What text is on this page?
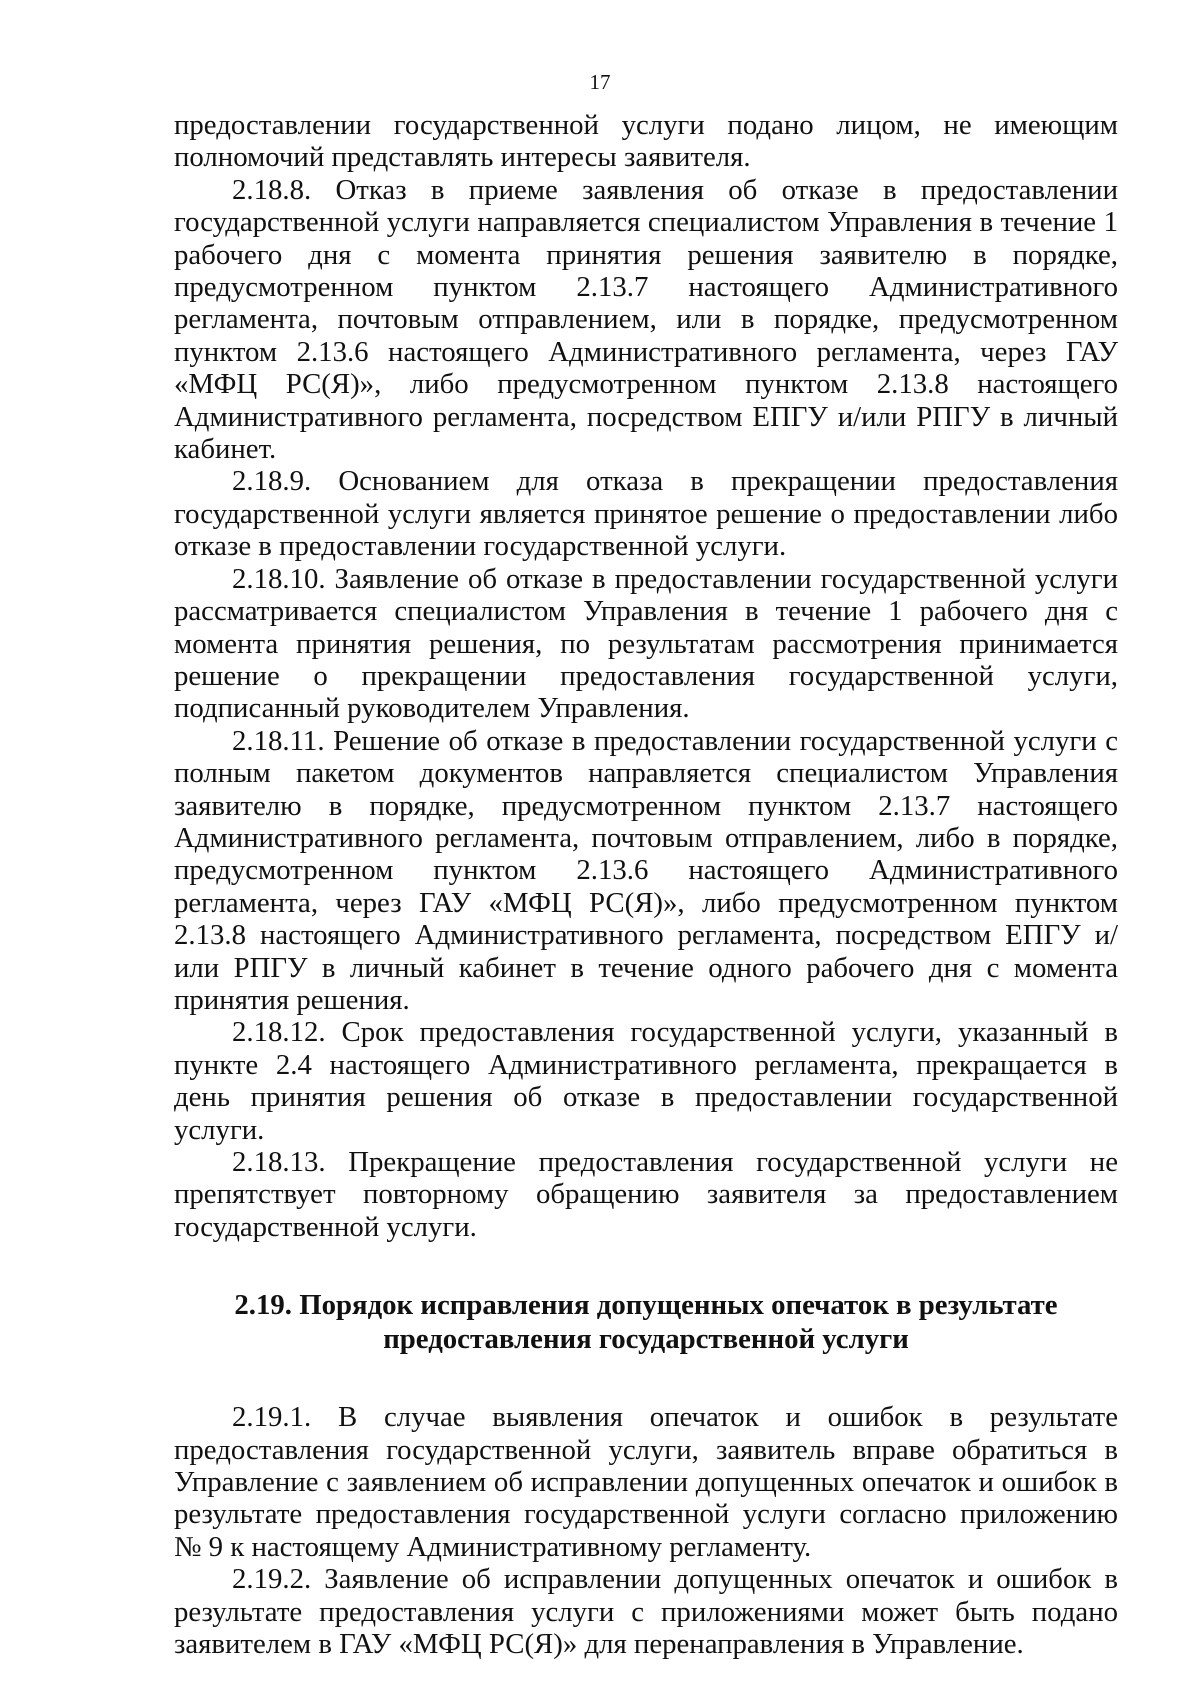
17

предоставлении государственной услуги подано лицом, не имеющим полномочий представлять интересы заявителя.

2.18.8. Отказ в приеме заявления об отказе в предоставлении государственной услуги направляется специалистом Управления в течение 1 рабочего дня с момента принятия решения заявителю в порядке, предусмотренном пунктом 2.13.7 настоящего Административного регламента, почтовым отправлением, или в порядке, предусмотренном пунктом 2.13.6 настоящего Административного регламента, через ГАУ «МФЦ РС(Я)», либо предусмотренном пунктом 2.13.8 настоящего Административного регламента, посредством ЕПГУ и/или РПГУ в личный кабинет.

2.18.9. Основанием для отказа в прекращении предоставления государственной услуги является принятое решение о предоставлении либо отказе в предоставлении государственной услуги.

2.18.10. Заявление об отказе в предоставлении государственной услуги рассматривается специалистом Управления в течение 1 рабочего дня с момента принятия решения, по результатам рассмотрения принимается решение о прекращении предоставления государственной услуги, подписанный руководителем Управления.

2.18.11. Решение об отказе в предоставлении государственной услуги с полным пакетом документов направляется специалистом Управления заявителю в порядке, предусмотренном пунктом 2.13.7 настоящего Административного регламента, почтовым отправлением, либо в порядке, предусмотренном пунктом 2.13.6 настоящего Административного регламента, через ГАУ «МФЦ РС(Я)», либо предусмотренном пунктом 2.13.8 настоящего Административного регламента, посредством ЕПГУ и/или РПГУ в личный кабинет в течение одного рабочего дня с момента принятия решения.

2.18.12. Срок предоставления государственной услуги, указанный в пункте 2.4 настоящего Административного регламента, прекращается в день принятия решения об отказе в предоставлении государственной услуги.

2.18.13. Прекращение предоставления государственной услуги не препятствует повторному обращению заявителя за предоставлением государственной услуги.

2.19. Порядок исправления допущенных опечаток в результате
предоставления государственной услуги

2.19.1. В случае выявления опечаток и ошибок в результате предоставления государственной услуги, заявитель вправе обратиться в Управление с заявлением об исправлении допущенных опечаток и ошибок в результате предоставления государственной услуги согласно приложению № 9 к настоящему Административному регламенту.

2.19.2. Заявление об исправлении допущенных опечаток и ошибок в результате предоставления услуги с приложениями может быть подано заявителем в ГАУ «МФЦ РС(Я)» для перенаправления в Управление.
